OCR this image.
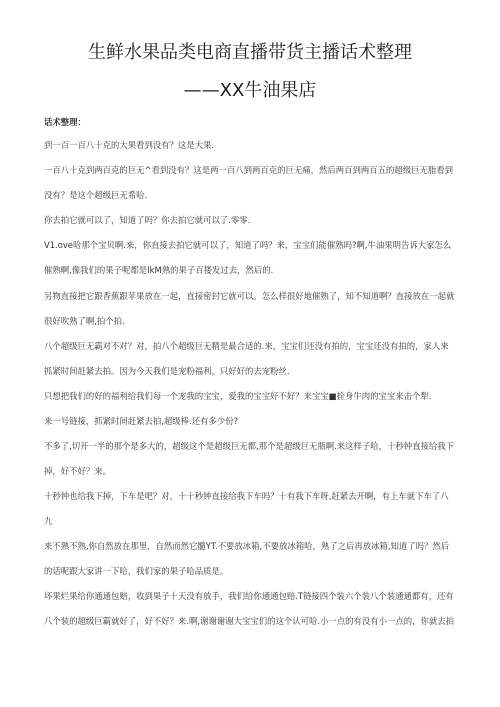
生鲜水果品类电商直播带货主播话术整理
——XX牛油果店
话术整理：
到一百一百八十克的大果看到没有？这是大果.
一百八十克到两百克的巨无^看到没有？这是两一百八到两百克的巨无痛，然后两百到两百五的超级巨无脂看到
没有？是这个超级巨无希哈.
你去拍它就可以了，知道了吗？你去拍它就可以了.零零.
V1.ove哈那个宝贝啊.来，你直接去拍它就可以了，知道了吗？来，宝宝们能催熟吗?啊,牛油果明告诉大家怎么
催熟啊,像我们的果子呢都是IkM熟的果子百搂发过去，然后的.
另物直接把它跟香蕉跟苹果放在一起，直接密封它就可以。怎么样很好地催熟了，知不知道啊？直接放在一起就
很好吹熟了啊,拍个拍.
八个超级巨无霸对不对？对，拍八个超级巨无精是最合适的.来，宝宝们还没有拍的，宝宝还没有拍的，家人来
抓紧时间赶紧去拍。因为今天我们是宠粉福利，只好好的去宠粉丝.
只想把我们的好的福利给我们每一个宠我的宝宝，爱我的宝宝好不好？来宝宝■拴身牛肉的宝宝来击个犁.
来一号链接，抓紧时间赶紧去拍,超级棒.还有多少份?
不多了,切开一半的那个是多大的，超级这个是超级巨无都,那个是超级巨无瓶啊.来这样子哈，十秒钟直接给我下
掉，好不好？来。
十秒钟也给我下掉，下车是吧？对，十十秒钟直接给我下车吗？十有我下车呀,赶紧去开啊，有上车就下车了八
九
来不熟不熟,你自然放在那里，自然而然它髓YT.不要放冰箱,不要放冰箱哈，熟了之后再放冰箱,知道了吗？然后
的话呢跟大家讲一下哈，我们家的果子哈品质是。
坏果烂果给你通通包赔，收到果子十天没有放手，我们给你通通包赔.T链接四个装六个装八个装通通都有，还有
八个装的超级巨霸就好了，好不好？来.啊,谢谢谢谢大宝宝们的这个认可哈.小一点的有没有小一点的，你就去拍
